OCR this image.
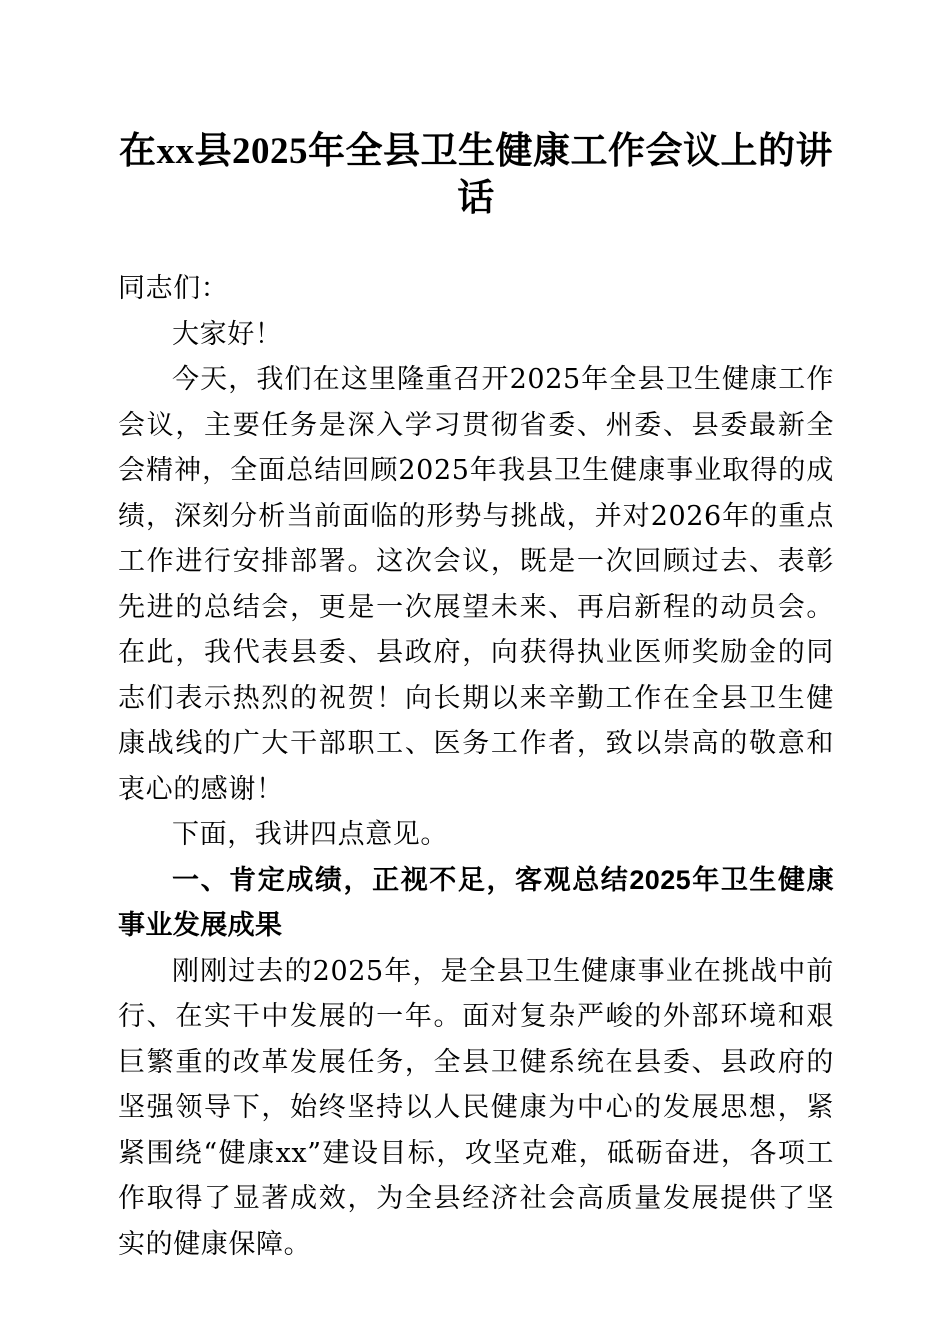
在xx县2025年全县卫生健康工作会议上的讲话

同志们：

大家好！

今天，我们在这里隆重召开2025年全县卫生健康工作会议，主要任务是深入学习贯彻省委、州委、县委最新全会精神，全面总结回顾2025年我县卫生健康事业取得的成绩，深刻分析当前面临的形势与挑战，并对2026年的重点工作进行安排部署。这次会议，既是一次回顾过去、表彰先进的总结会，更是一次展望未来、再启新程的动员会。在此，我代表县委、县政府，向获得执业医师奖励金的同志们表示热烈的祝贺！向长期以来辛勤工作在全县卫生健康战线的广大干部职工、医务工作者，致以崇高的敬意和衷心的感谢！

下面，我讲四点意见。

一、肯定成绩，正视不足，客观总结2025年卫生健康事业发展成果

刚刚过去的2025年，是全县卫生健康事业在挑战中前行、在实干中发展的一年。面对复杂严峻的外部环境和艰巨繁重的改革发展任务，全县卫健系统在县委、县政府的坚强领导下，始终坚持以人民健康为中心的发展思想，紧紧围绕“健康xx”建设目标，攻坚克难，砥砺奋进，各项工作取得了显著成效，为全县经济社会高质量发展提供了坚实的健康保障。
